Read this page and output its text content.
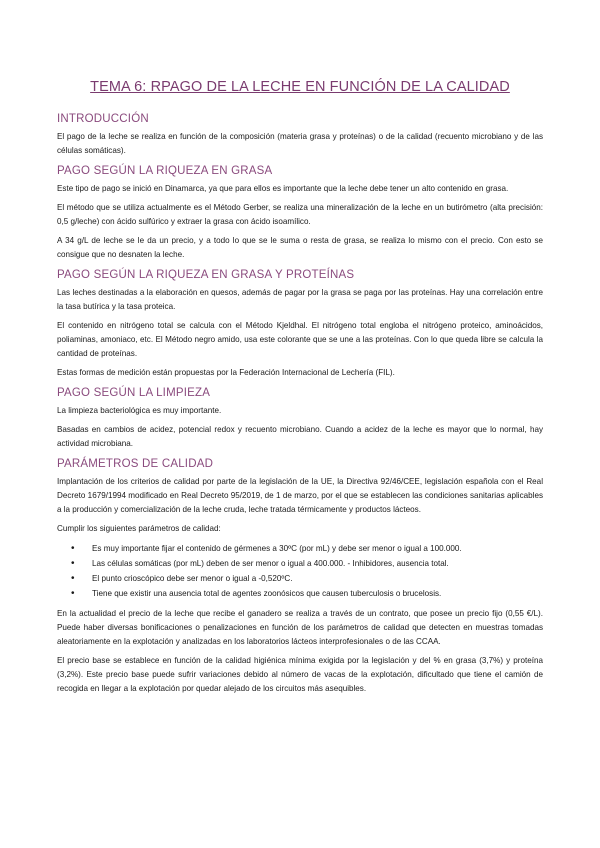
TEMA 6: RPAGO DE LA LECHE EN FUNCIÓN DE LA CALIDAD
INTRODUCCIÓN

El pago de la leche se realiza en función de la composición (materia grasa y proteínas) o de la calidad (recuento microbiano y de las células somáticas).

PAGO SEGÚN LA RIQUEZA EN GRASA

Este tipo de pago se inició en Dinamarca, ya que para ellos es importante que la leche debe tener un alto contenido en grasa.

El método que se utiliza actualmente es el Método Gerber, se realiza una mineralización de la leche en un butirómetro (alta precisión: 0,5 g/leche) con ácido sulfúrico y extraer la grasa con ácido isoamílico.

A 34 g/L de leche se le da un precio, y a todo lo que se le suma o resta de grasa, se realiza lo mismo con el precio. Con esto se consigue que no desnaten la leche.

PAGO SEGÚN LA RIQUEZA EN GRASA Y PROTEÍNAS

Las leches destinadas a la elaboración en quesos, además de pagar por la grasa se paga por las proteínas. Hay una correlación entre la tasa butírica y la tasa proteica.

El contenido en nitrógeno total se calcula con el Método Kjeldhal. El nitrógeno total engloba el nitrógeno proteico, aminoácidos, poliaminas, amoniaco, etc. El Método negro amido, usa este colorante que se une a las proteínas. Con lo que queda libre se calcula la cantidad de proteínas.

Estas formas de medición están propuestas por la Federación Internacional de Lechería (FIL).

PAGO SEGÚN LA LIMPIEZA

La limpieza bacteriológica es muy importante.

Basadas en cambios de acidez, potencial redox y recuento microbiano. Cuando a acidez de la leche es mayor que lo normal, hay actividad microbiana.

PARÁMETROS DE CALIDAD

Implantación de los criterios de calidad por parte de la legislación de la UE, la Directiva 92/46/CEE, legislación española con el Real Decreto 1679/1994 modificado en Real Decreto 95/2019, de 1 de marzo, por el que se establecen las condiciones sanitarias aplicables a la producción y comercialización de la leche cruda, leche tratada térmicamente y productos lácteos.

Cumplir los siguientes parámetros de calidad:

• Es muy importante fijar el contenido de gérmenes a 30ºC (por mL) y debe ser menor o igual a 100.000.
• Las células somáticas (por mL) deben de ser menor o igual a 400.000. - Inhibidores, ausencia total.
• El punto crioscópico debe ser menor o igual a -0,520ºC.
• Tiene que existir una ausencia total de agentes zoonósicos que causen tuberculosis o brucelosis.

En la actualidad el precio de la leche que recibe el ganadero se realiza a través de un contrato, que posee un precio fijo (0,55 €/L). Puede haber diversas bonificaciones o penalizaciones en función de los parámetros de calidad que detecten en muestras tomadas aleatoriamente en la explotación y analizadas en los laboratorios lácteos interprofesionales o de las CCAA.

El precio base se establece en función de la calidad higiénica mínima exigida por la legislación y del % en grasa (3,7%) y proteína (3,2%). Este precio base puede sufrir variaciones debido al número de vacas de la explotación, dificultado que tiene el camión de recogida en llegar a la explotación por quedar alejado de los circuitos más asequibles.
